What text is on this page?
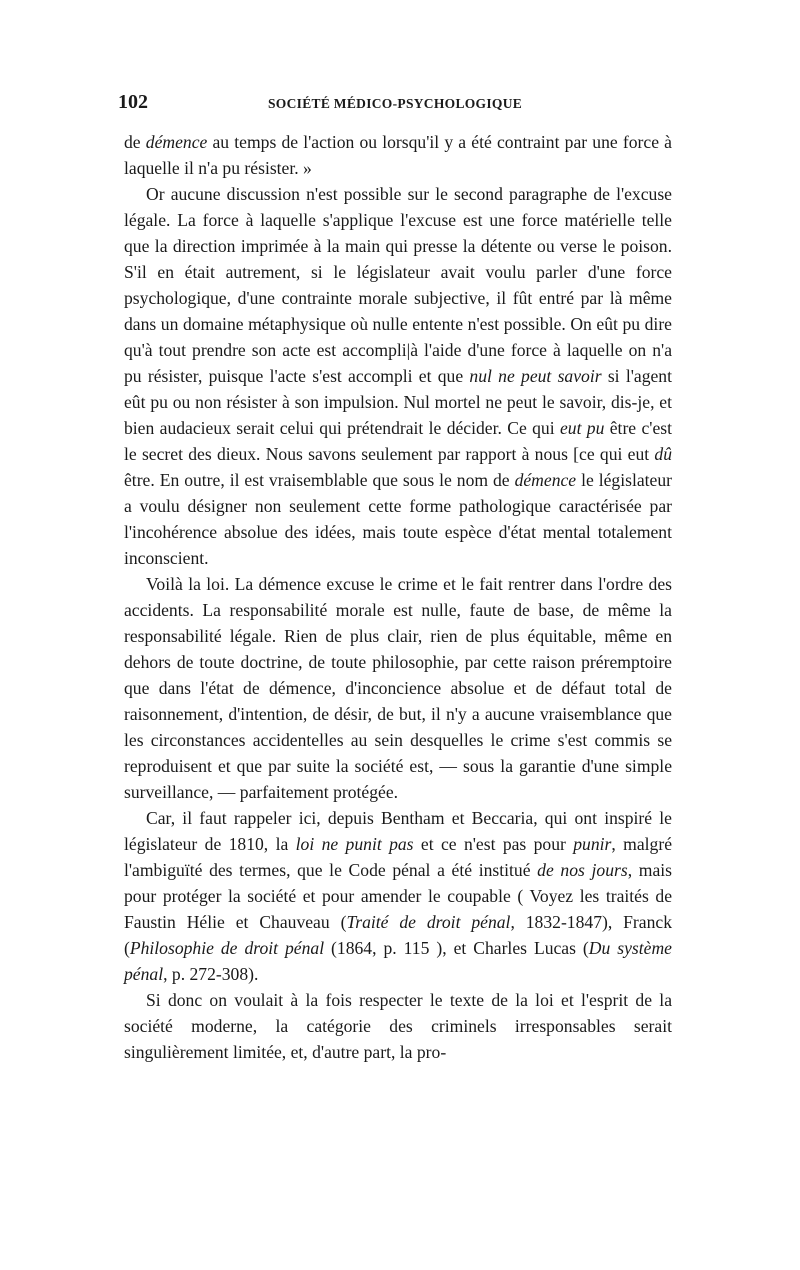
102	SOCIÉTÉ MÉDICO-PSYCHOLOGIQUE

de démence au temps de l'action ou lorsqu'il y a été contraint par une force à laquelle il n'a pu résister. »

Or aucune discussion n'est possible sur le second paragraphe de l'excuse légale. La force à laquelle s'applique l'excuse est une force matérielle telle que la direction imprimée à la main qui presse la détente ou verse le poison. S'il en était autrement, si le législateur avait voulu parler d'une force psychologique, d'une contrainte morale subjective, il fût entré par là même dans un domaine métaphysique où nulle entente n'est possible. On eût pu dire qu'à tout prendre son acte est accompli|à l'aide d'une force à laquelle on n'a pu résister, puisque l'acte s'est accompli et que nul ne peut savoir si l'agent eût pu ou non résister à son impulsion. Nul mortel ne peut le savoir, dis-je, et bien audacieux serait celui qui prétendrait le décider. Ce qui eut pu être c'est le secret des dieux. Nous savons seulement par rapport à nous [ce qui eut dû être. En outre, il est vraisemblable que sous le nom de démence le législateur a voulu désigner non seulement cette forme pathologique caractérisée par l'incohérence absolue des idées, mais toute espèce d'état mental totalement inconscient.

Voilà la loi. La démence excuse le crime et le fait rentrer dans l'ordre des accidents. La responsabilité morale est nulle, faute de base, de même la responsabilité légale. Rien de plus clair, rien de plus équitable, même en dehors de toute doctrine, de toute philosophie, par cette raison préremptoire que dans l'état de démence, d'inconcience absolue et de défaut total de raisonnement, d'intention, de désir, de but, il n'y a aucune vraisemblance que les circonstances accidentelles au sein desquelles le crime s'est commis se reproduisent et que par suite la société est, — sous la garantie d'une simple surveillance, — parfaitement protégée.

Car, il faut rappeler ici, depuis Bentham et Beccaria, qui ont inspiré le législateur de 1810, la loi ne punit pas et ce n'est pas pour punir, malgré l'ambiguïté des termes, que le Code pénal a été institué de nos jours, mais pour protéger la société et pour amender le coupable ( Voyez les traités de Faustin Hélie et Chauveau (Traité de droit pénal, 1832-1847), Franck (Philosophie de droit pénal (1864, p. 115 ), et Charles Lucas (Du système pénal, p. 272-308).

Si donc on voulait à la fois respecter le texte de la loi et l'esprit de la société moderne, la catégorie des criminels irresponsables serait singulièrement limitée, et, d'autre part, la pro-
